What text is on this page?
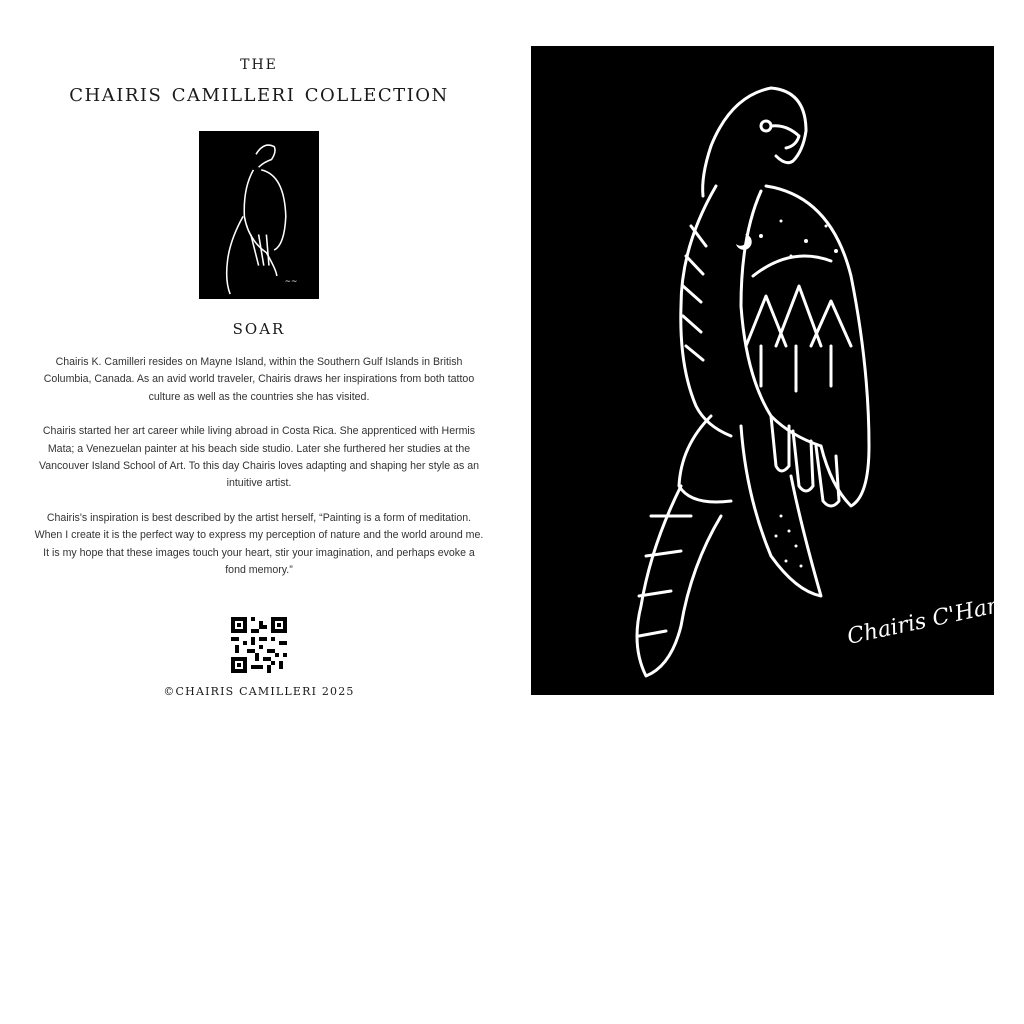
the
chairis camilleri collection
~~
soar

Chairis K. Camilleri resides on Mayne Island, within the Southern Gulf Islands in British Columbia, Canada. As an avid world traveler, Chairis draws her inspirations from both tattoo culture as well as the countries she has visited.

Chairis started her art career while living abroad in Costa Rica. She apprenticed with Hermis Mata; a Venezuelan painter at his beach side studio. Later she furthered her studies at the Vancouver Island School of Art. To this day Chairis loves adapting and shaping her style as an intuitive artist.

Chairis's inspiration is best described by the artist herself, “Painting is a form of meditation. When I create it is the perfect way to express my perception of nature and the world around me. It is my hope that these images touch your heart, stir your imagination, and perhaps evoke a fond memory.”

©CHAIRIS CAMILLERI 2025
Chairis C'Hari
